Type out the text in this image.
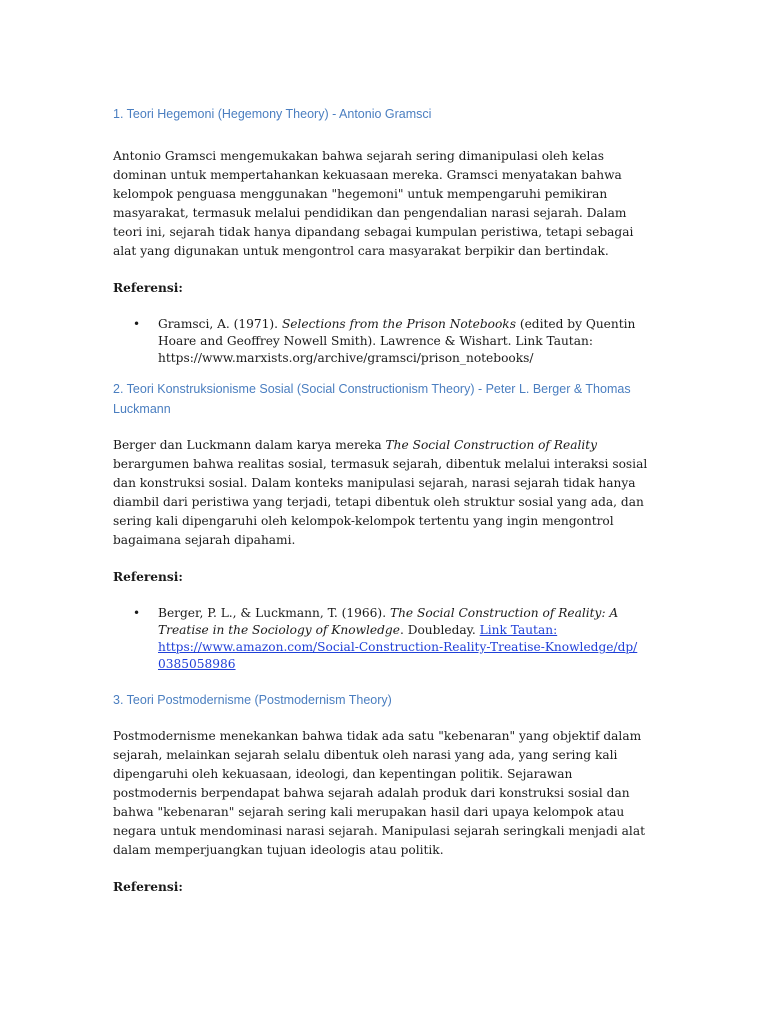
1. Teori Hegemoni (Hegemony Theory) - Antonio Gramsci

Antonio Gramsci mengemukakan bahwa sejarah sering dimanipulasi oleh kelas dominan untuk mempertahankan kekuasaan mereka. Gramsci menyatakan bahwa kelompok penguasa menggunakan "hegemoni" untuk mempengaruhi pemikiran masyarakat, termasuk melalui pendidikan dan pengendalian narasi sejarah. Dalam teori ini, sejarah tidak hanya dipandang sebagai kumpulan peristiwa, tetapi sebagai alat yang digunakan untuk mengontrol cara masyarakat berpikir dan bertindak.

Referensi:

• Gramsci, A. (1971). Selections from the Prison Notebooks (edited by Quentin Hoare and Geoffrey Nowell Smith). Lawrence & Wishart. Link Tautan: https://www.marxists.org/archive/gramsci/prison_notebooks/
2. Teori Konstruksionisme Sosial (Social Constructionism Theory) - Peter L. Berger & Thomas Luckmann

Berger dan Luckmann dalam karya mereka The Social Construction of Reality berargumen bahwa realitas sosial, termasuk sejarah, dibentuk melalui interaksi sosial dan konstruksi sosial. Dalam konteks manipulasi sejarah, narasi sejarah tidak hanya diambil dari peristiwa yang terjadi, tetapi dibentuk oleh struktur sosial yang ada, dan sering kali dipengaruhi oleh kelompok-kelompok tertentu yang ingin mengontrol bagaimana sejarah dipahami.

Referensi:

• Berger, P. L., & Luckmann, T. (1966). The Social Construction of Reality: A Treatise in the Sociology of Knowledge. Doubleday. Link Tautan:
https://www.amazon.com/Social-Construction-Reality-Treatise-Knowledge/dp/
0385058986
3. Teori Postmodernisme (Postmodernism Theory)

Postmodernisme menekankan bahwa tidak ada satu "kebenaran" yang objektif dalam sejarah, melainkan sejarah selalu dibentuk oleh narasi yang ada, yang sering kali dipengaruhi oleh kekuasaan, ideologi, dan kepentingan politik. Sejarawan postmodernis berpendapat bahwa sejarah adalah produk dari konstruksi sosial dan bahwa "kebenaran" sejarah sering kali merupakan hasil dari upaya kelompok atau negara untuk mendominasi narasi sejarah. Manipulasi sejarah seringkali menjadi alat dalam memperjuangkan tujuan ideologis atau politik.

Referensi:
